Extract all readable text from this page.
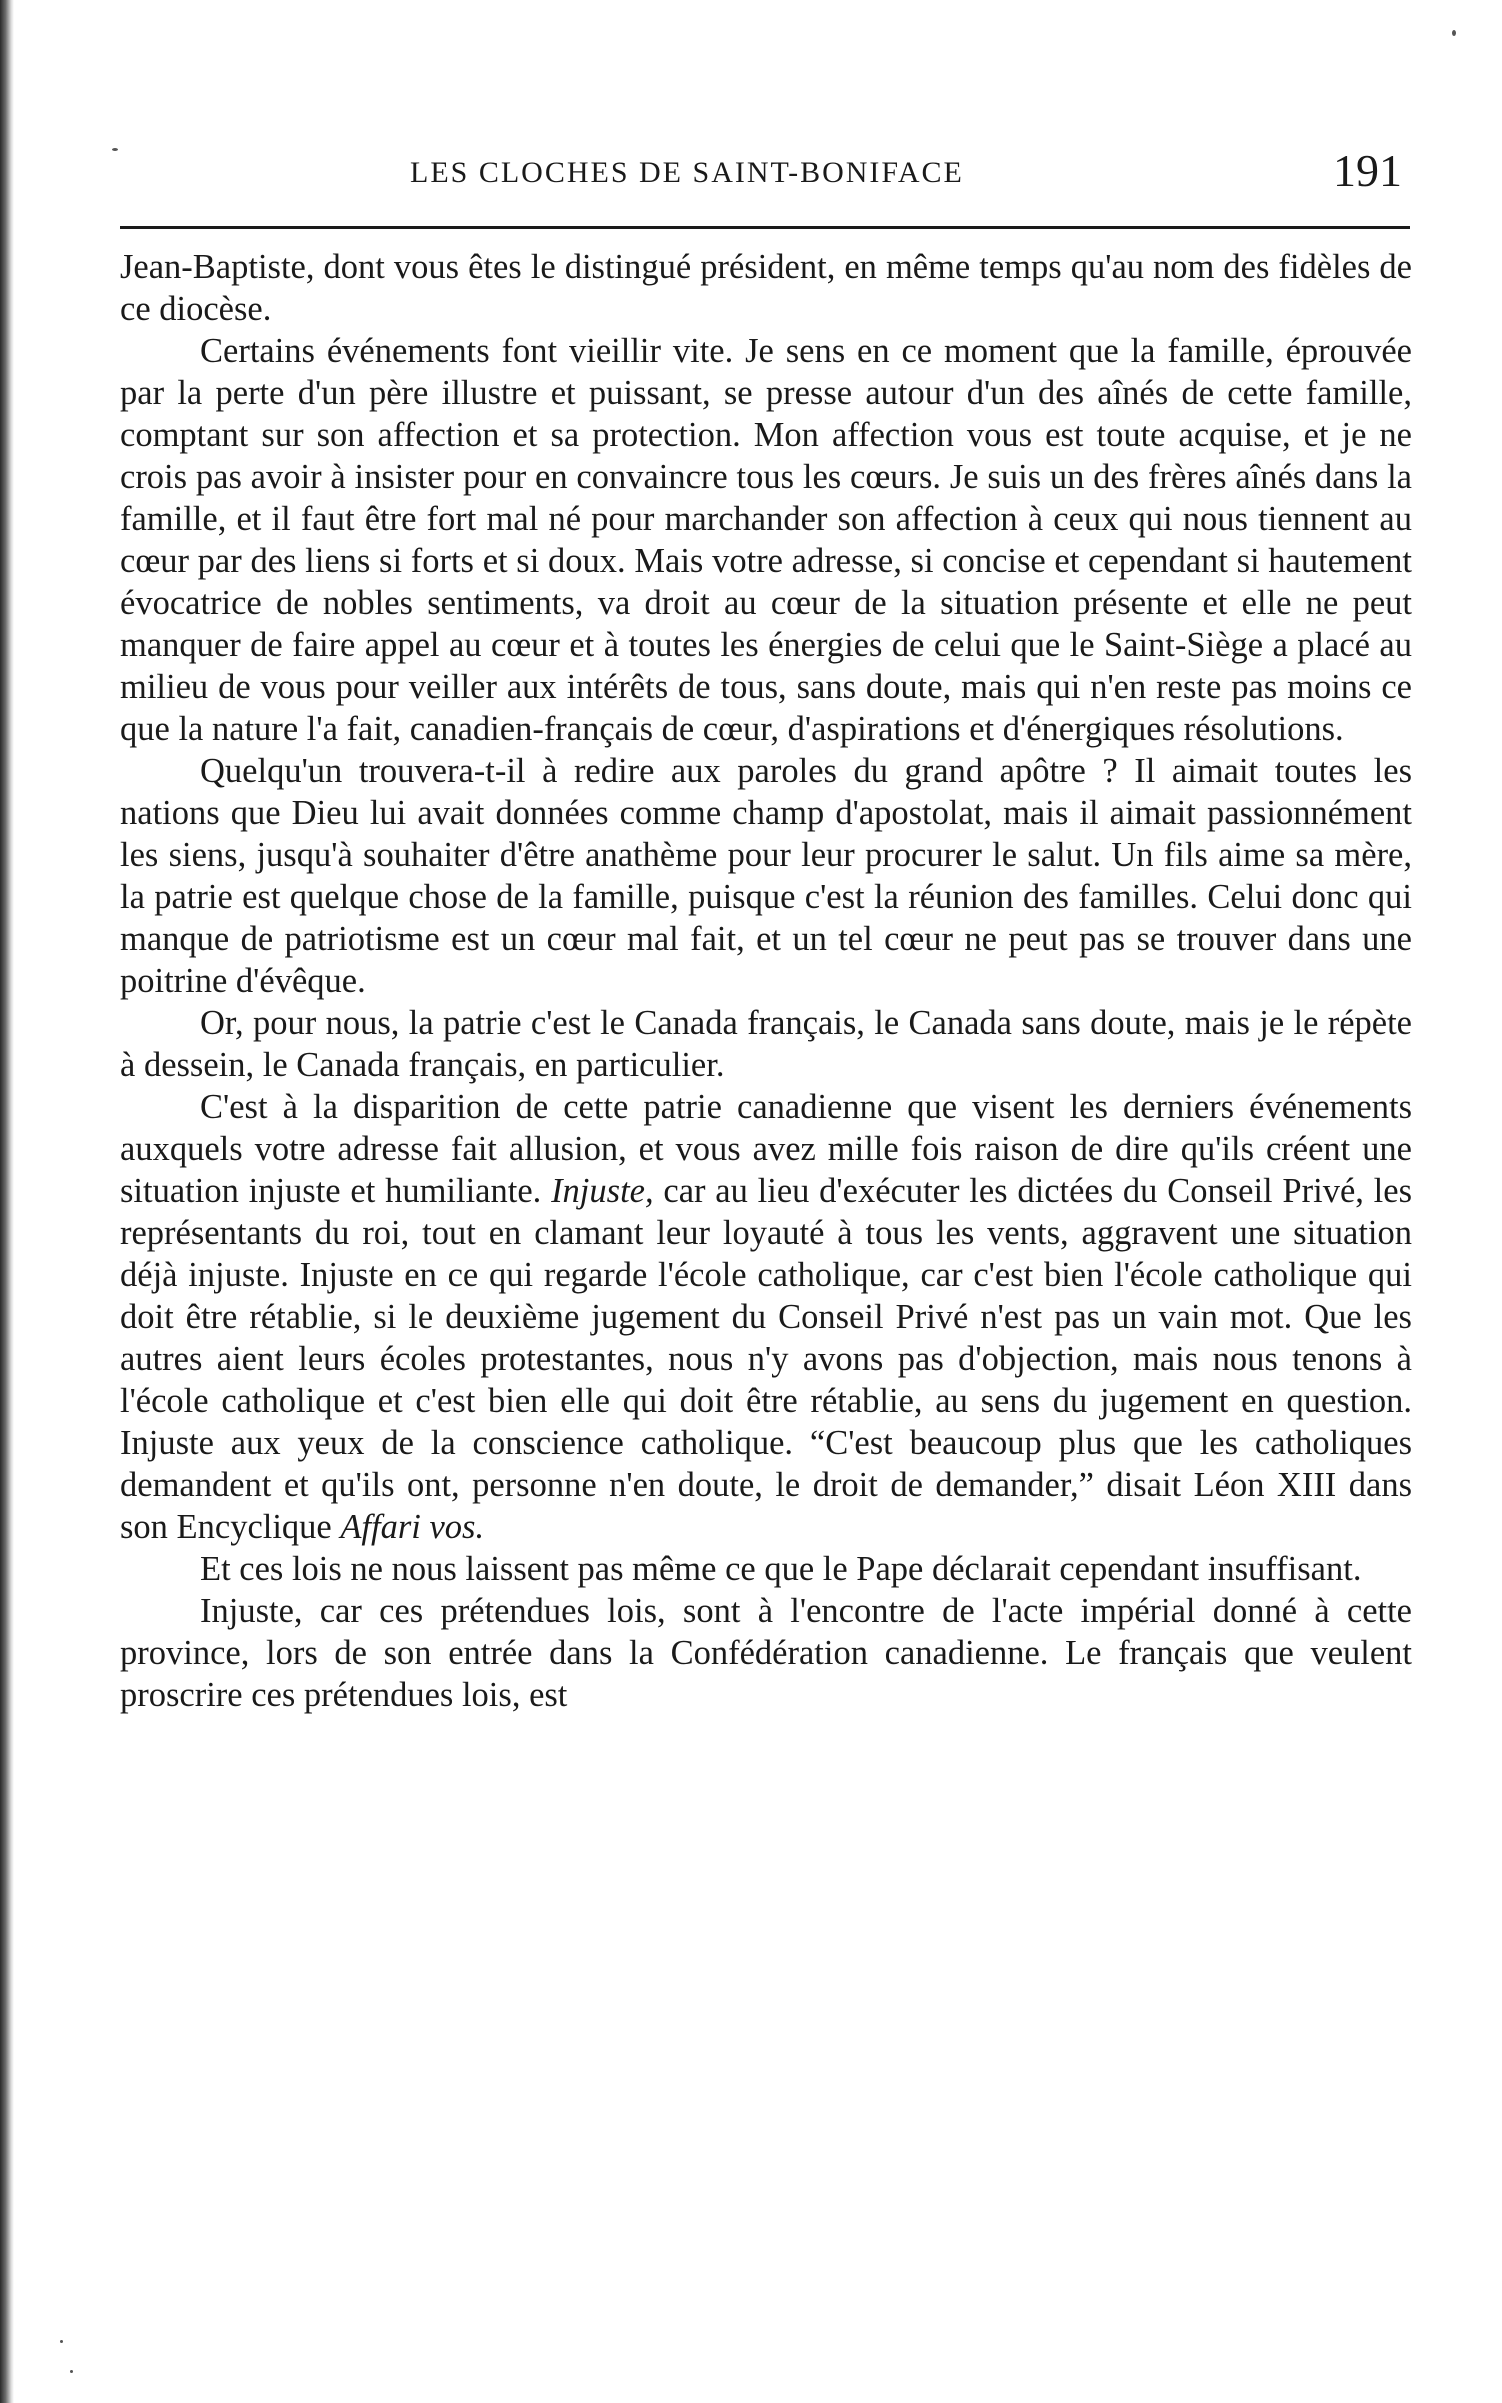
LES CLOCHES DE SAINT-BONIFACE	191

Jean-Baptiste, dont vous êtes le distingué président, en même temps qu'au nom des fidèles de ce diocèse.

Certains événements font vieillir vite. Je sens en ce moment que la famille, éprouvée par la perte d'un père illustre et puissant, se presse autour d'un des aînés de cette famille, comptant sur son affection et sa protection. Mon affection vous est toute acquise, et je ne crois pas avoir à insister pour en convaincre tous les cœurs. Je suis un des frères aînés dans la famille, et il faut être fort mal né pour marchander son affection à ceux qui nous tiennent au cœur par des liens si forts et si doux. Mais votre adresse, si concise et cependant si hautement évocatrice de nobles sentiments, va droit au cœur de la situation présente et elle ne peut manquer de faire appel au cœur et à toutes les énergies de celui que le Saint-Siège a placé au milieu de vous pour veiller aux intérêts de tous, sans doute, mais qui n'en reste pas moins ce que la nature l'a fait, canadien-français de cœur, d'aspirations et d'énergiques résolutions.

Quelqu'un trouvera-t-il à redire aux paroles du grand apôtre ? Il aimait toutes les nations que Dieu lui avait données comme champ d'apostolat, mais il aimait passionnément les siens, jusqu'à souhaiter d'être anathème pour leur procurer le salut. Un fils aime sa mère, la patrie est quelque chose de la famille, puisque c'est la réunion des familles. Celui donc qui manque de patriotisme est un cœur mal fait, et un tel cœur ne peut pas se trouver dans une poitrine d'évêque.

Or, pour nous, la patrie c'est le Canada français, le Canada sans doute, mais je le répète à dessein, le Canada français, en particulier.

C'est à la disparition de cette patrie canadienne que visent les derniers événements auxquels votre adresse fait allusion, et vous avez mille fois raison de dire qu'ils créent une situation injuste et humiliante. Injuste, car au lieu d'exécuter les dictées du Conseil Privé, les représentants du roi, tout en clamant leur loyauté à tous les vents, aggravent une situation déjà injuste. Injuste en ce qui regarde l'école catholique, car c'est bien l'école catholique qui doit être rétablie, si le deuxième jugement du Conseil Privé n'est pas un vain mot. Que les autres aient leurs écoles protestantes, nous n'y avons pas d'objection, mais nous tenons à l'école catholique et c'est bien elle qui doit être rétablie, au sens du jugement en question. Injuste aux yeux de la conscience catholique. “C'est beaucoup plus que les catholiques demandent et qu'ils ont, personne n'en doute, le droit de demander,” disait Léon XIII dans son Encyclique Affari vos.

Et ces lois ne nous laissent pas même ce que le Pape déclarait cependant insuffisant.

Injuste, car ces prétendues lois, sont à l'encontre de l'acte impérial donné à cette province, lors de son entrée dans la Confédération canadienne. Le français que veulent proscrire ces prétendues lois, est
